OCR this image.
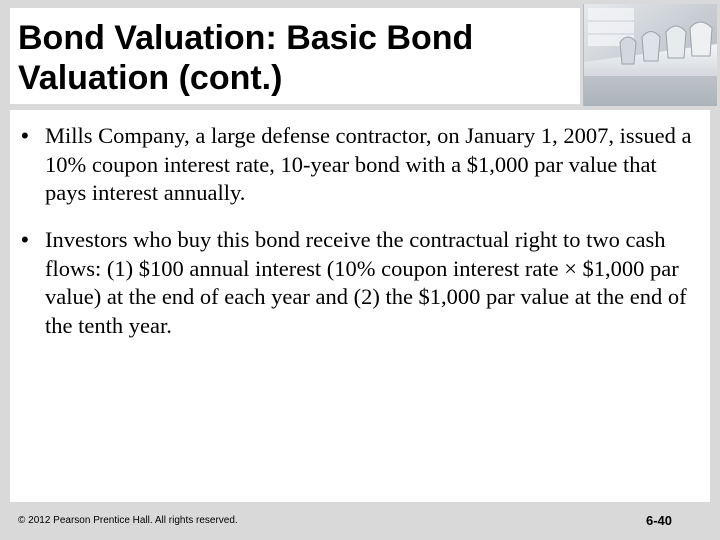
Bond Valuation: Basic Bond
Valuation (cont.)
• Mills Company, a large defense contractor, on January 1, 2007, issued a 10% coupon interest rate, 10-year bond with a $1,000 par value that pays interest annually.
• Investors who buy this bond receive the contractual right to two cash flows: (1) $100 annual interest (10% coupon interest rate × $1,000 par value) at the end of each year and (2) the $1,000 par value at the end of the tenth year.
© 2012 Pearson Prentice Hall. All rights reserved.	6-40
